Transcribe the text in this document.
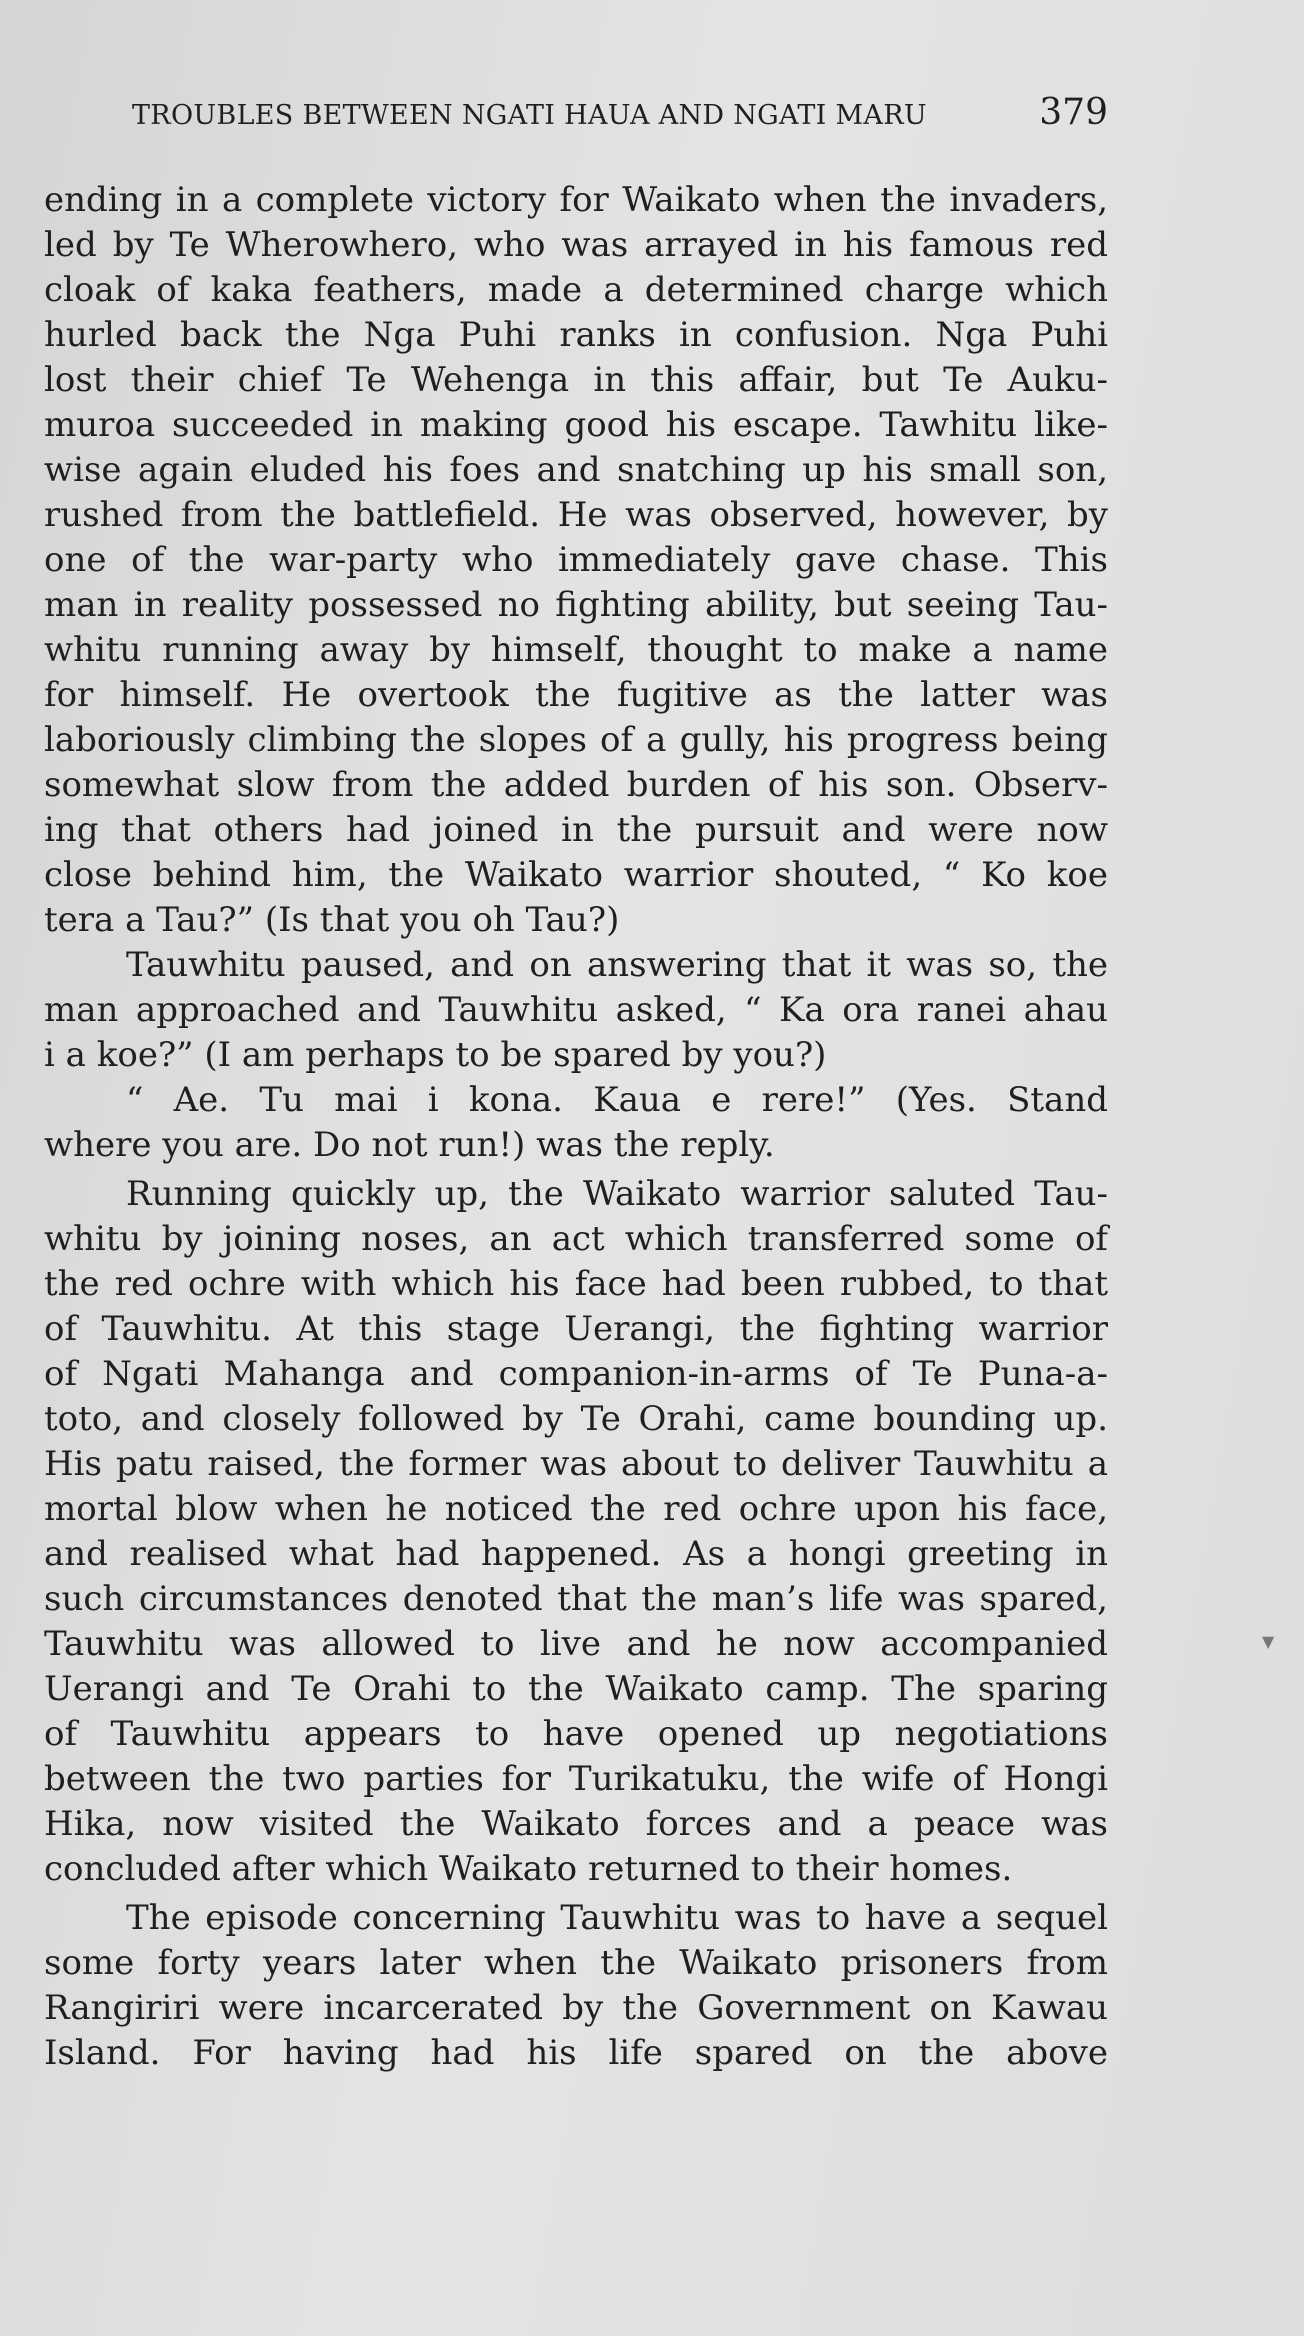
TROUBLES BETWEEN NGATI HAUA AND NGATI MARU	379
ending in a complete victory for Waikato when the invaders,
led by Te Wherowhero, who was arrayed in his famous red
cloak of kaka feathers, made a determined charge which
hurled back the Nga Puhi ranks in confusion. Nga Puhi
lost their chief Te Wehenga in this affair, but Te Auku-
muroa succeeded in making good his escape. Tawhitu like-
wise again eluded his foes and snatching up his small son,
rushed from the battlefield. He was observed, however, by
one of the war-party who immediately gave chase. This
man in reality possessed no fighting ability, but seeing Tau-
whitu running away by himself, thought to make a name
for himself. He overtook the fugitive as the latter was
laboriously climbing the slopes of a gully, his progress being
somewhat slow from the added burden of his son. Observ-
ing that others had joined in the pursuit and were now
close behind him, the Waikato warrior shouted, “ Ko koe
tera a Tau?” (Is that you oh Tau?)
Tauwhitu paused, and on answering that it was so, the
man approached and Tauwhitu asked, “ Ka ora ranei ahau
i a koe?” (I am perhaps to be spared by you?)
“ Ae. Tu mai i kona. Kaua e rere!” (Yes. Stand
where you are. Do not run!) was the reply.
Running quickly up, the Waikato warrior saluted Tau-
whitu by joining noses, an act which transferred some of
the red ochre with which his face had been rubbed, to that
of Tauwhitu. At this stage Uerangi, the fighting warrior
of Ngati Mahanga and companion-in-arms of Te Puna-a-
toto, and closely followed by Te Orahi, came bounding up.
His patu raised, the former was about to deliver Tauwhitu a
mortal blow when he noticed the red ochre upon his face,
and realised what had happened. As a hongi greeting in
such circumstances denoted that the man’s life was spared,
Tauwhitu was allowed to live and he now accompanied
Uerangi and Te Orahi to the Waikato camp. The sparing
of Tauwhitu appears to have opened up negotiations
between the two parties for Turikatuku, the wife of Hongi
Hika, now visited the Waikato forces and a peace was
concluded after which Waikato returned to their homes.
The episode concerning Tauwhitu was to have a sequel
some forty years later when the Waikato prisoners from
Rangiriri were incarcerated by the Government on Kawau
Island. For having had his life spared on the above
▼
